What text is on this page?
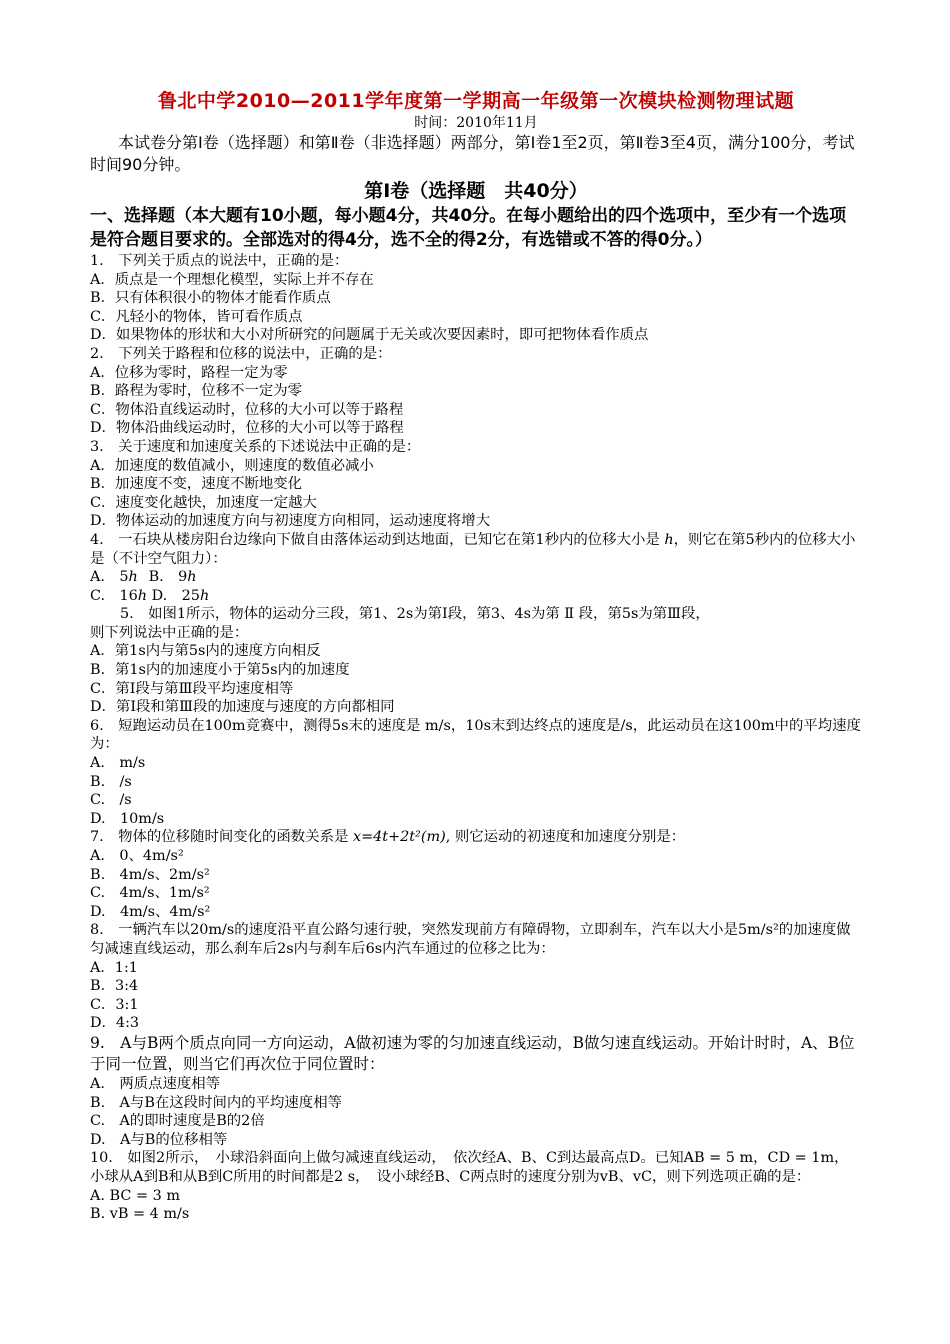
鲁北中学2010—2011学年度第一学期高一年级第一次模块检测物理试题
时间：2010年11月
本试卷分第Ⅰ卷（选择题）和第Ⅱ卷（非选择题）两部分，第Ⅰ卷1至2页，第Ⅱ卷3至4页，满分100分，考试时间90分钟。
第Ⅰ卷（选择题　共40分）
一、选择题（本大题有10小题，每小题4分，共40分。在每小题给出的四个选项中，至少有一个选项是符合题目要求的。全部选对的得4分，选不全的得2分，有选错或不答的得0分。）
1.　下列关于质点的说法中，正确的是：
A．质点是一个理想化模型，实际上并不存在
B．只有体积很小的物体才能看作质点
C．凡轻小的物体，皆可看作质点
D．如果物体的形状和大小对所研究的问题属于无关或次要因素时，即可把物体看作质点
2.　下列关于路程和位移的说法中，正确的是：
A．位移为零时，路程一定为零
B．路程为零时，位移不一定为零
C．物体沿直线运动时，位移的大小可以等于路程
D．物体沿曲线运动时，位移的大小可以等于路程
3.　关于速度和加速度关系的下述说法中正确的是：
A．加速度的数值减小，则速度的数值必减小
B．加速度不变，速度不断地变化
C．速度变化越快，加速度一定越大
D．物体运动的加速度方向与初速度方向相同，运动速度将增大
4.　一石块从楼房阳台边缘向下做自由落体运动到达地面，已知它在第1秒内的位移大小是 h，则它在第5秒内的位移大小是（不计空气阻力）：
A.　5h B.　9h
C.　16h D.　25h
5.　如图1所示，物体的运动分三段，第1、2s为第Ⅰ段，第3、4s为第 Ⅱ 段，第5s为第Ⅲ段，
则下列说法中正确的是：
A．第1s内与第5s内的速度方向相反
B．第1s内的加速度小于第5s内的加速度
C．第Ⅰ段与第Ⅲ段平均速度相等
D．第Ⅰ段和第Ⅲ段的加速度与速度的方向都相同
6.　短跑运动员在100m竞赛中，测得5s末的速度是 m/s，10s末到达终点的速度是/s，此运动员在这100m中的平均速度为：
A.　m/s
B.　/s
C.　/s
D.　10m/s
7.　物体的位移随时间变化的函数关系是 x=4t+2t²(m), 则它运动的初速度和加速度分别是：
A.　0、4m/s²
B.　4m/s、2m/s²
C.　4m/s、1m/s²
D.　4m/s、4m/s²
8.　一辆汽车以20m/s的速度沿平直公路匀速行驶，突然发现前方有障碍物，立即刹车，汽车以大小是5m/s²的加速度做匀减速直线运动，那么刹车后2s内与刹车后6s内汽车通过的位移之比为：
A．1:1
B．3:4
C．3:1
D．4:3
9.　A与B两个质点向同一方向运动，A做初速为零的匀加速直线运动，B做匀速直线运动。开始计时时，A、B位于同一位置，则当它们再次位于同位置时：
A.　两质点速度相等
B.　A与B在这段时间内的平均速度相等
C.　A的即时速度是B的2倍
D.　A与B的位移相等
10.　如图2所示，　小球沿斜面向上做匀减速直线运动，　依次经A、B、C到达最高点D。已知AB = 5 m，CD = 1m，　小球从A到B和从B到C所用的时间都是2 s，　设小球经B、C两点时的速度分别为vB、vC，则下列选项正确的是：
A. BC = 3 m
B. vB = 4 m/s
